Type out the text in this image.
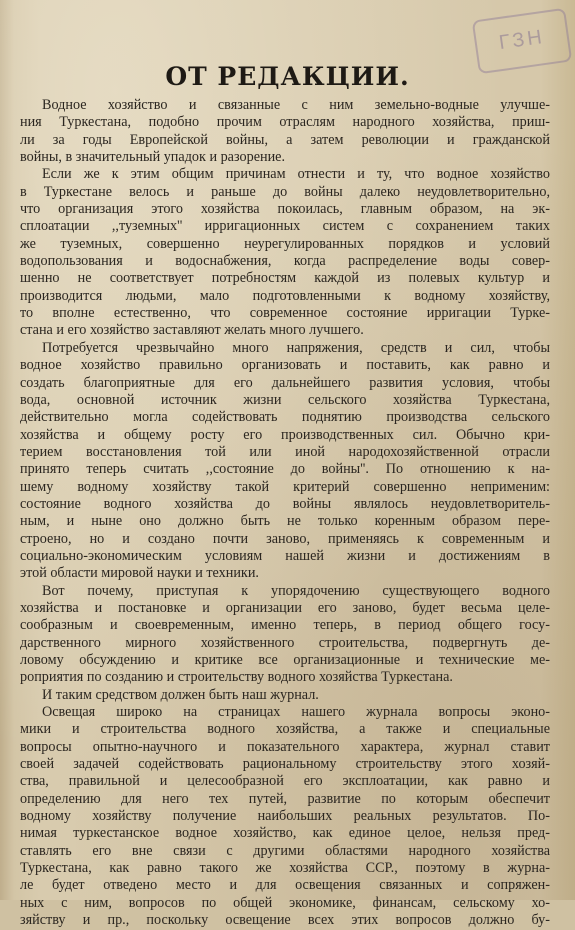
ГЗН
ОТ РЕДАКЦИИ.

Водное хозяйство и связанные с ним земельно-водные улучше-
ния Туркестана, подобно прочим отраслям народного хозяйства, приш-
ли за годы Европейской войны, а затем революции и гражданской
войны, в значительный упадок и разорение.

Если же к этим общим причинам отнести и ту, что водное хозяйство
в Туркестане велось и раньше до войны далеко неудовлетворительно,
что организация этого хозяйства покоилась, главным образом, на эк-
сплоатации ,,туземных'' ирригационных систем с сохранением таких
же туземных, совершенно неурегулированных порядков и условий
водопользования и водоснабжения, когда распределение воды совер-
шенно не соответствует потребностям каждой из полевых культур и
производится людьми, мало подготовленными к водному хозяйству,
то вполне естественно, что современное состояние ирригации Турке-
стана и его хозяйство заставляют желать много лучшего.

Потребуется чрезвычайно много напряжения, средств и сил, чтобы
водное хозяйство правильно организовать и поставить, как равно и
создать благоприятные для его дальнейшего развития условия, чтобы
вода, основной источник жизни сельского хозяйства Туркестана,
действительно могла содействовать поднятию производства сельского
хозяйства и общему росту его производственных сил. Обычно кри-
терием восстановления той или иной народохозяйственной отрасли
принято теперь считать ,,состояние до войны''. По отношению к на-
шему водному хозяйству такой критерий совершенно неприменим:
состояние водного хозяйства до войны являлось неудовлетворитель-
ным, и ныне оно должно быть не только коренным образом пере-
строено, но и создано почти заново, применяясь к современным и
социально-экономическим условиям нашей жизни и достижениям в
этой области мировой науки и техники.

Вот почему, приступая к упорядочению существующего водного
хозяйства и постановке и организации его заново, будет весьма целе-
сообразным и своевременным, именно теперь, в период общего госу-
дарственного мирного хозяйственного строительства, подвергнуть де-
ловому обсуждению и критике все организационные и технические ме-
роприятия по созданию и строительству водного хозяйства Туркестана.

И таким средством должен быть наш журнал.

Освещая широко на страницах нашего журнала вопросы эконо-
мики и строительства водного хозяйства, а также и специальные
вопросы опытно-научного и показательного характера, журнал ставит
своей задачей содействовать рациональному строительству этого хозяй-
ства, правильной и целесообразной его эксплоатации, как равно и
определению для него тех путей, развитие по которым обеспечит
водному хозяйству получение наибольших реальных результатов. По-
нимая туркестанское водное хозяйство, как единое целое, нельзя пред-
ставлять его вне связи с другими областями народного хозяйства
Туркестана, как равно такого же хозяйства ССР., поэтому в журна-
ле будет отведено место и для освещения связанных и сопряжен-
ных с ним, вопросов по общей экономике, финансам, сельскому хо-
зяйству и пр., поскольку освещение всех этих вопросов должно бу-
